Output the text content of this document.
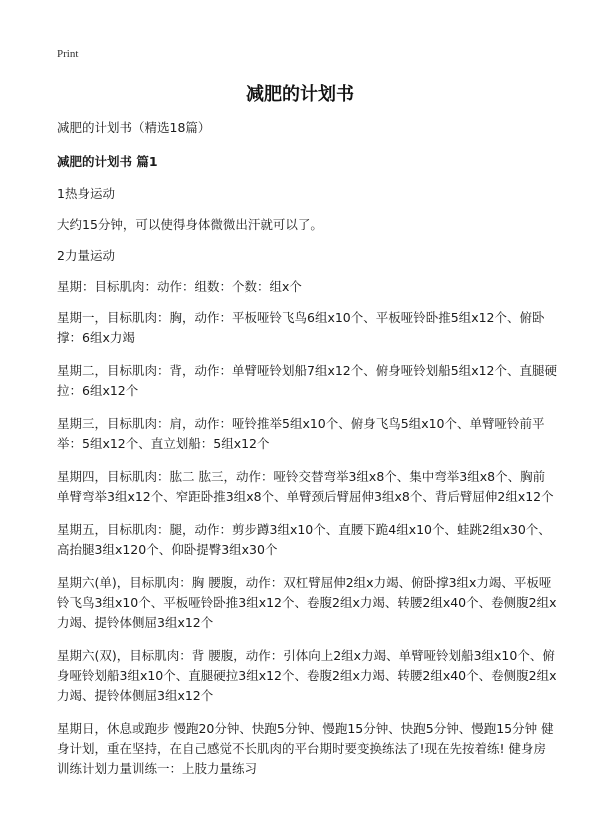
Print
减肥的计划书
减肥的计划书（精选18篇）
减肥的计划书 篇1
1热身运动
大约15分钟，可以使得身体微微出汗就可以了。
2力量运动
星期：目标肌肉：动作：组数：个数：组x个
星期一，目标肌肉：胸，动作：平板哑铃飞鸟6组x10个、平板哑铃卧推5组x12个、俯卧撑：6组x力竭
星期二，目标肌肉：背，动作：单臂哑铃划船7组x12个、俯身哑铃划船5组x12个、直腿硬拉：6组x12个
星期三，目标肌肉：肩，动作：哑铃推举5组x10个、俯身飞鸟5组x10个、单臂哑铃前平举：5组x12个、直立划船：5组x12个
星期四，目标肌肉：肱二 肱三，动作：哑铃交替弯举3组x8个、集中弯举3组x8个、胸前单臂弯举3组x12个、窄距卧推3组x8个、单臂颈后臂屈伸3组x8个、背后臂屈伸2组x12个
星期五，目标肌肉：腿，动作：剪步蹲3组x10个、直腰下跪4组x10个、蛙跳2组x30个、高抬腿3组x120个、仰卧提臀3组x30个
星期六(单)，目标肌肉：胸 腰腹，动作：双杠臂屈伸2组x力竭、俯卧撑3组x力竭、平板哑铃飞鸟3组x10个、平板哑铃卧推3组x12个、卷腹2组x力竭、转腰2组x40个、卷侧腹2组x力竭、提铃体侧屈3组x12个
星期六(双)，目标肌肉：背 腰腹，动作：引体向上2组x力竭、单臂哑铃划船3组x10个、俯身哑铃划船3组x10个、直腿硬拉3组x12个、卷腹2组x力竭、转腰2组x40个、卷侧腹2组x力竭、提铃体侧屈3组x12个
星期日，休息或跑步 慢跑20分钟、快跑5分钟、慢跑15分钟、快跑5分钟、慢跑15分钟 健身计划，重在坚持，在自己感觉不长肌肉的平台期时要变换练法了!现在先按着练! 健身房训练计划力量训练一：上肢力量练习
